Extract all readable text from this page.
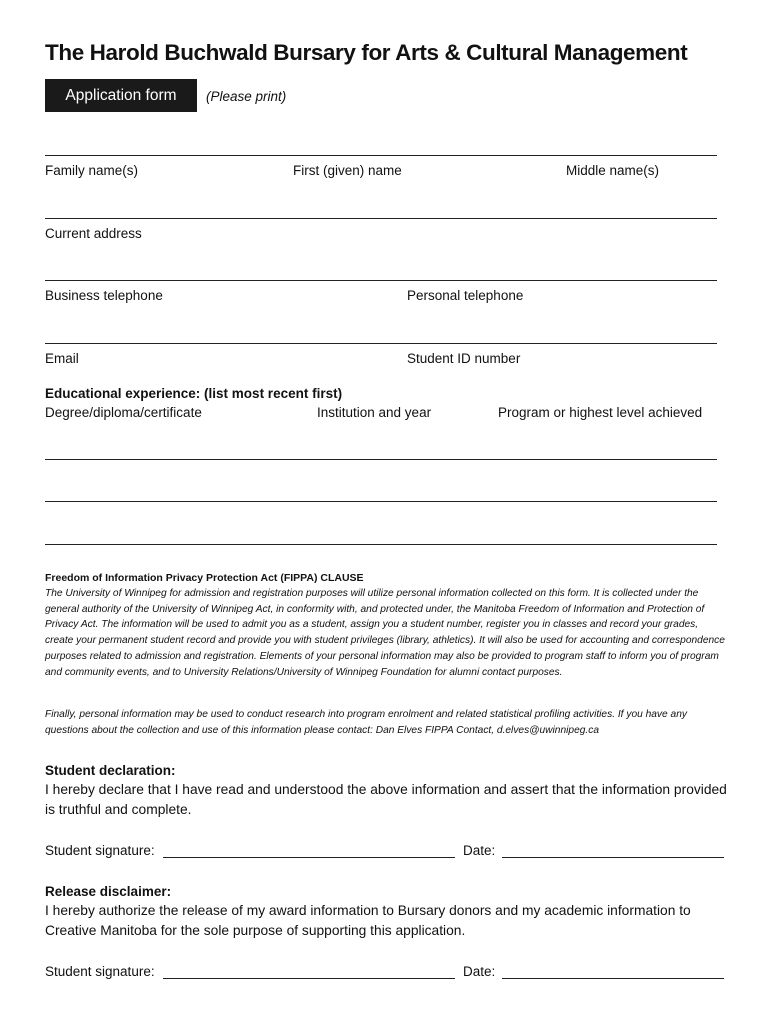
The Harold Buchwald Bursary for Arts & Cultural Management
Application form	(Please print)
Family name(s)	First (given) name	Middle name(s)
Current address
Business telephone	Personal telephone
Email	Student ID number
Educational experience: (list most recent first)
Degree/diploma/certificate	Institution and year	Program or highest level achieved
Freedom of Information Privacy Protection Act (FIPPA) CLAUSE
The University of Winnipeg for admission and registration purposes will utilize personal information collected on this form. It is collected under the general authority of the University of Winnipeg Act, in conformity with, and protected under, the Manitoba Freedom of Information and Protection of Privacy Act. The information will be used to admit you as a student, assign you a student number, register you in classes and record your grades, create your permanent student record and provide you with student privileges (library, athletics). It will also be used for accounting and correspondence purposes related to admission and registration. Elements of your personal information may also be provided to program staff to inform you of program and community events, and to University Relations/University of Winnipeg Foundation for alumni contact purposes.
Finally, personal information may be used to conduct research into program enrolment and related statistical profiling activities. If you have any questions about the collection and use of this information please contact: Dan Elves FIPPA Contact, d.elves@uwinnipeg.ca
Student declaration:
I hereby declare that I have read and understood the above information and assert that the information provided is truthful and complete.
Student signature:	Date:
Release disclaimer:
I hereby authorize the release of my award information to Bursary donors and my academic information to Creative Manitoba for the sole purpose of supporting this application.
Student signature:	Date:
